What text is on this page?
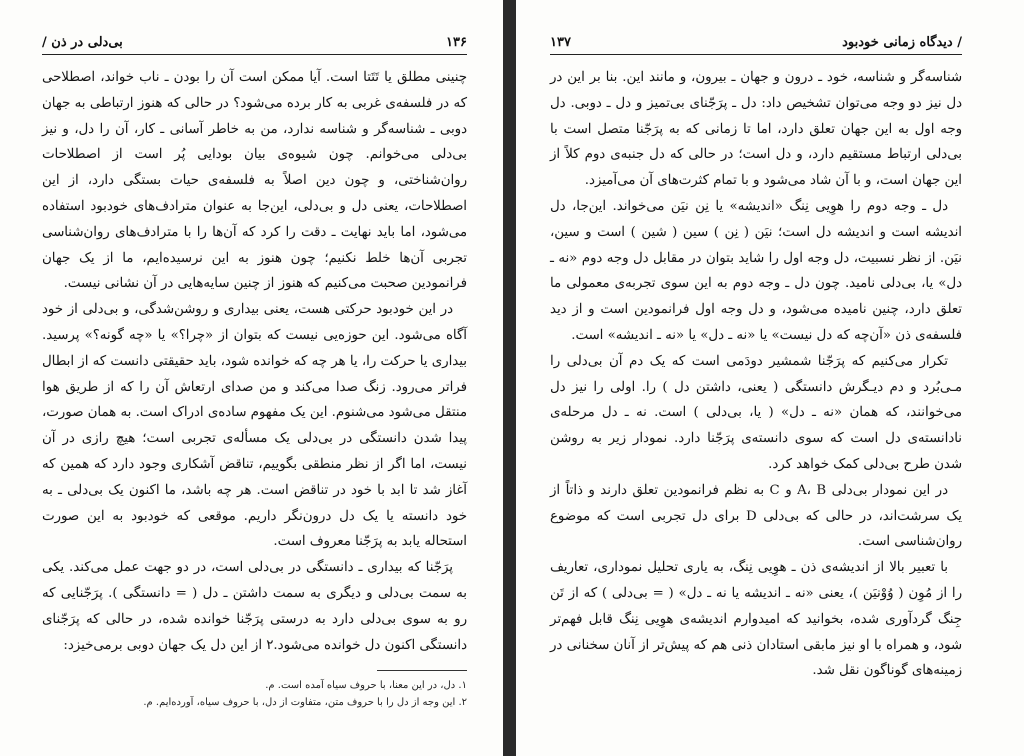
/ بی‌دلی در ذن	۱۳۶

چنینی مطلق یا تَتَتا است. آیا ممکن است آن را بودن ـ ناب خواند، اصطلاحی که در فلسفه‌ی غربی به کار برده می‌شود؟ در حالی که هنوز ارتباطی به جهان دوبی ـ شناسه‌گر و شناسه ندارد، من به خاطر آسانی ـ کار، آن را دل، و نیز بی‌دلی می‌خوانم. چون شیوه‌ی بیان بودایی پُر است از اصطلاحات روان‌شناختی، و چون دین اصلاً به فلسفه‌ی حیات بستگی دارد، از این اصطلاحات، یعنی دل و بی‌دلی، این‌جا به عنوان مترادف‌های خودبود استفاده می‌شود، اما باید نهایت ـ دقت را کرد که آن‌ها را با مترادف‌های روان‌شناسی تجربی آن‌ها خلط نکنیم؛ چون هنوز به این نرسیده‌ایم، ما از یک جهان فرانمودین صحبت می‌کنیم که هنوز از چنین سایه‌هایی در آن نشانی نیست.

در این خودبود حرکتی هست، یعنی بیداری و روشن‌شدگی، و بی‌دلی از خود آگاه می‌شود. این حوزه‌یی نیست که بتوان از «چرا؟» یا «چه گونه؟» پرسید. بیداری یا حرکت را، یا هر چه که خوانده شود، باید حقیقتی دانست که از ابطال فراتر می‌رود. زنگ صدا می‌کند و من صدای ارتعاش آن را که از طریق هوا منتقل می‌شود می‌شنوم. این یک مفهوم ساده‌ی ادراک است. به همان صورت، پیدا شدن دانستگی در بی‌دلی یک مسأله‌ی تجربی است؛ هیچ رازی در آن نیست، اما اگر از نظر منطقی بگوییم، تناقض آشکاری وجود دارد که همین که آغاز شد تا ابد با خود در تناقض است. هر چه باشد، ما اکنون یک بی‌دلی ـ به خود دانسته یا یک دل درون‌نگر داریم. موقعی که خودبود به این صورت استحاله یابد به پرَجّنا معروف است.

پرَجّنا که بیداری ـ دانستگی در بی‌دلی است، در دو جهت عمل می‌کند. یکی به سمت بی‌دلی و دیگری به سمت داشتن ـ دل ( = دانستگی ). پرَجّنایی که رو به سوی بی‌دلی دارد به درستی پرَجّنا خوانده شده، در حالی که پرَجّنای دانستگی اکنون دل خوانده می‌شود.۲ از این دل یک جهان دوبی برمی‌خیزد:

۱. دل، در این معنا، با حروف سیاه آمده است. م.

۲. این وجه از دل را با حروف متن، متفاوت از دل، با حروف سیاه، آورده‌ایم. م.

۱۳۷	دیدگاه زمانی خودبود /

شناسه‌گر و شناسه، خود ـ درون و جهان ـ بیرون، و مانند این. بنا بر این در دل نیز دو وجه می‌توان تشخیص داد: دل ـ پرَجّنای بی‌تمیز و دل ـ دوبی. دل وجه اول به این جهان تعلق دارد، اما تا زمانی که به پرَجّنا متصل است با بی‌دلی ارتباط مستقیم دارد، و دل است؛ در حالی که دل جنبه‌ی دوم کلاً از این جهان است، و با آن شاد می‌شود و با تمام کثرت‌های آن می‌آمیزد.

دل ـ وجه دوم را هوِیی نِنگ «اندیشه» یا نِن نیَن می‌خواند. این‌جا، دل اندیشه است و اندیشه دل است؛ نیَن ( نِن ) سین ( شین ) است و سین، نیَن. از نظر نسبیت، دل وجه اول را شاید بتوان در مقابل دل وجه دوم «نه ـ دل» یا، بی‌دلی نامید. چون دل ـ وجه دوم به این سوی تجربه‌ی معمولی ما تعلق دارد، چنین نامیده می‌شود، و دل وجه اول فرانمودین است و از دید فلسفه‌ی ذن «آن‌چه که دل نیست» یا «نه ـ دل» یا «نه ـ اندیشه» است.

تکرار می‌کنیم که پرَجّنا شمشیر دودَمی است که یک دم آن بی‌دلی را مـی‌بُرد و دم دیـگرش دانستگی ( یعنی، داشتن دل ) را. اولی را نیز دل می‌خوانند، که همان «نه ـ دل» ( یا، بی‌دلی ) است. نه ـ دل مرحله‌ی نادانسته‌ی دل است که سوی دانسته‌ی پرَجّنا دارد. نمودار زیر به روشن شدن طرح بی‌دلی کمک خواهد کرد.

در این نمودار بی‌دلی A، B و C به نظم فرانمودین تعلق دارند و ذاتاً از یک سرشت‌اند، در حالی که بی‌دلی D برای دل تجربی است که موضوع روان‌شناسی است.

با تعبیر بالا از اندیشه‌ی ذن ـ هوِیی نِنگ، به یاری تحلیل نموداری، تعاریف را از مُوِن ( وُوْنیَن )، یعنی «نه ـ اندیشه یا نه ـ دل» ( = بی‌دلی ) که از تَن جِنگ گردآوری شده، بخوانید که امیدوارم اندیشه‌ی هوِیی نِنگ قابل فهم‌تر شود، و همراه با او نیز مابقی استادان ذنی هم که پیش‌تر از آنان سخنانی در زمینه‌های گوناگون نقل شد.
